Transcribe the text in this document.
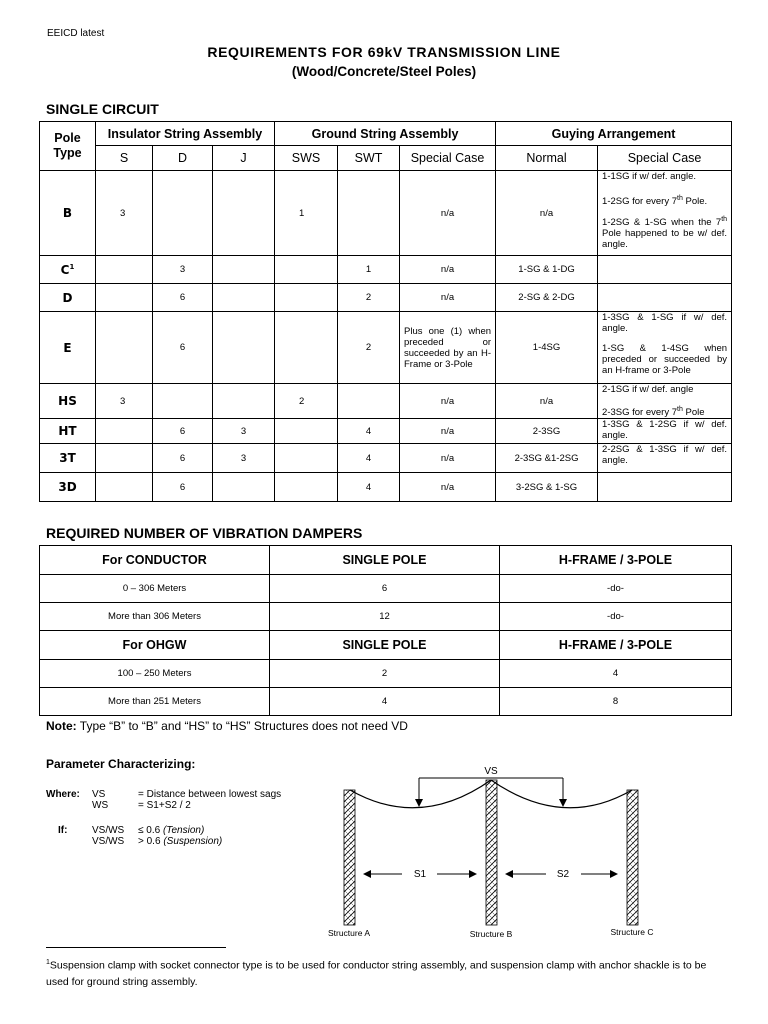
EEICD latest
REQUIREMENTS FOR 69kV TRANSMISSION LINE
(Wood/Concrete/Steel Poles)
SINGLE CIRCUIT
Pole
Type	Insulator String Assembly			Ground String Assembly			Guying Arrangement	
	S	D	J	SWS	SWT	Special Case	Normal	Special Case
B	3			1		n/a	n/a	1-1SG if w/ def. angle.

1-2SG for every 7th Pole.

1-2SG & 1-SG when the 7th Pole happened to be w/ def. angle.

$C^1$		3			1	n/a	1-SG & 1-DG	
D		6			2	n/a	2-SG & 2-DG	
E		6			2	Plus one (1) when preceded or succeeded by an H-Frame or 3-Pole	1-4SG	1-3SG & 1-SG if w/ def. angle.

1-SG & 1-4SG when preceded or succeeded by an H-frame or 3-Pole

HS	3			2		n/a	n/a	2-1SG if w/ def. angle

2-3SG for every 7th Pole

HT		6	3		4	n/a	2-3SG	1-3SG & 1-2SG if w/ def. angle.
3T		6	3		4	n/a	2-3SG &1-2SG	2-2SG & 1-3SG if w/ def. angle.
3D		6			4	n/a	3-2SG & 1-SG	
REQUIRED NUMBER OF VIBRATION DAMPERS
For CONDUCTOR	SINGLE POLE	H-FRAME / 3-POLE
0 – 306 Meters	6	-do-
More than 306 Meters	12	-do-
For OHGW	SINGLE POLE	H-FRAME / 3-POLE
100 – 250 Meters	2	4
More than 251 Meters	4	8
Note: Type “B” to “B” and “HS” to “HS” Structures does not need VD
Parameter Characterizing:
Where: VS
WS
= Distance between lowest sags
= S1+S2 / 2
If: VS/WS
VS/WS
≤ 0.6 (Tension)
> 0.6 (Suspension)
VS
S1	S2
Structure A	Structure B	Structure C
$^1$Suspension clamp with socket connector type is to be used for conductor string assembly, and suspension clamp with anchor shackle is to be used for ground string assembly.
